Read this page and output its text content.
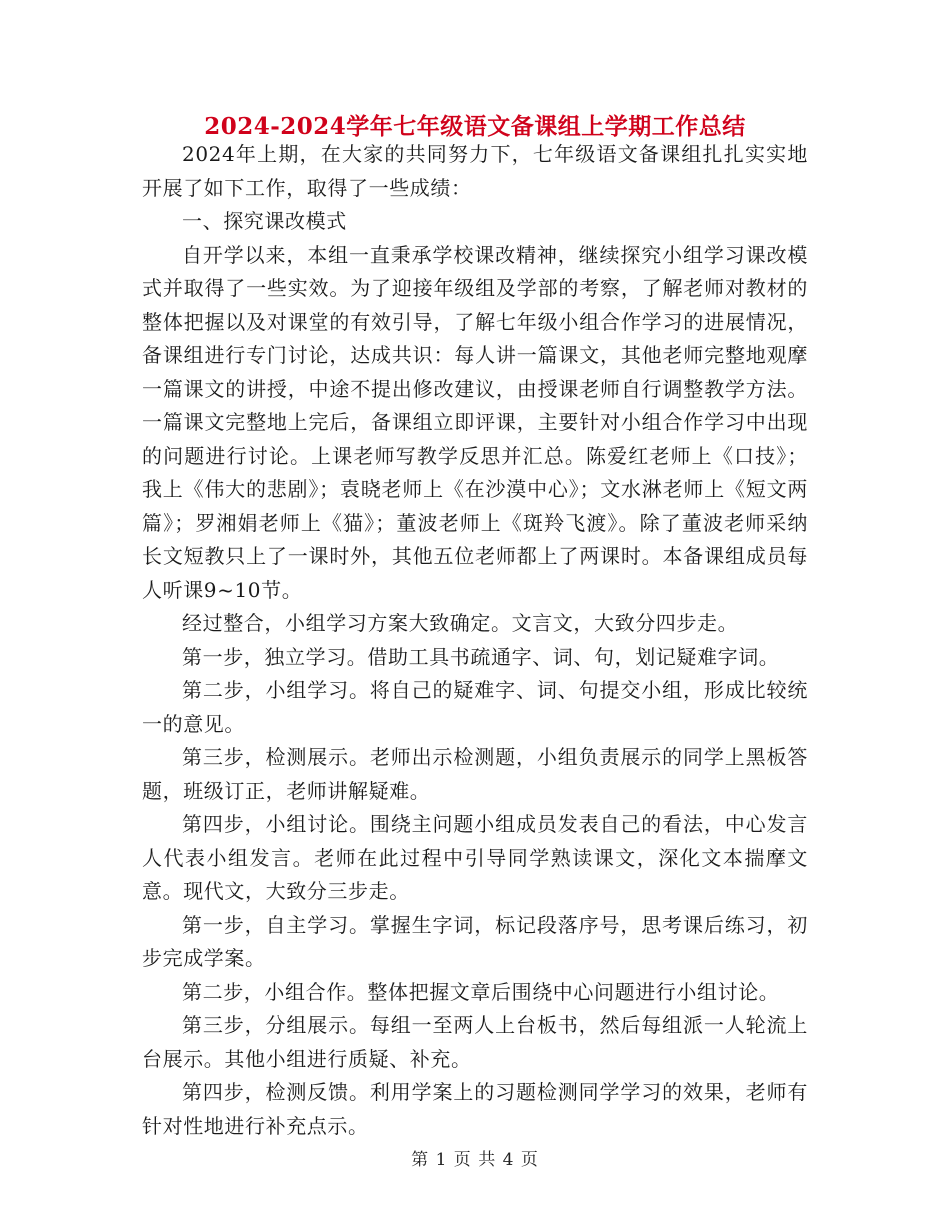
2024-2024学年七年级语文备课组上学期工作总结

2024年上期，在大家的共同努力下，七年级语文备课组扎扎实实地开展了如下工作，取得了一些成绩：

一、探究课改模式

自开学以来，本组一直秉承学校课改精神，继续探究小组学习课改模式并取得了一些实效。为了迎接年级组及学部的考察，了解老师对教材的整体把握以及对课堂的有效引导，了解七年级小组合作学习的进展情况，备课组进行专门讨论，达成共识：每人讲一篇课文，其他老师完整地观摩一篇课文的讲授，中途不提出修改建议，由授课老师自行调整教学方法。一篇课文完整地上完后，备课组立即评课，主要针对小组合作学习中出现的问题进行讨论。上课老师写教学反思并汇总。陈爱红老师上《口技》；我上《伟大的悲剧》；袁晓老师上《在沙漠中心》；文水淋老师上《短文两篇》；罗湘娟老师上《猫》；董波老师上《斑羚飞渡》。除了董波老师采纳长文短教只上了一课时外，其他五位老师都上了两课时。本备课组成员每人听课9~10节。

经过整合，小组学习方案大致确定。文言文，大致分四步走。

第一步，独立学习。借助工具书疏通字、词、句，划记疑难字词。

第二步，小组学习。将自己的疑难字、词、句提交小组，形成比较统一的意见。

第三步，检测展示。老师出示检测题，小组负责展示的同学上黑板答题，班级订正，老师讲解疑难。

第四步，小组讨论。围绕主问题小组成员发表自己的看法，中心发言人代表小组发言。老师在此过程中引导同学熟读课文，深化文本揣摩文意。现代文，大致分三步走。

第一步，自主学习。掌握生字词，标记段落序号，思考课后练习，初步完成学案。

第二步，小组合作。整体把握文章后围绕中心问题进行小组讨论。

第三步，分组展示。每组一至两人上台板书，然后每组派一人轮流上台展示。其他小组进行质疑、补充。

第四步，检测反馈。利用学案上的习题检测同学学习的效果，老师有针对性地进行补充点示。

第 1 页 共 4 页
